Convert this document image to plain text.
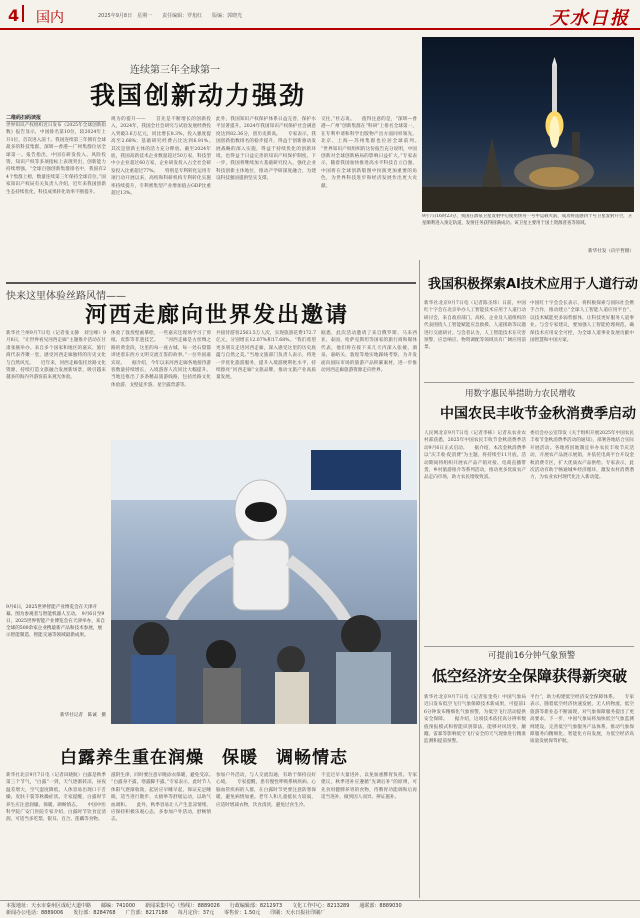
4 国内	2025年9月8日　星期一　　责任编辑：罗旭红　　版编：郭晓光	天水日报
连续第三年全球第一
我国创新动力强劲
二维码扫码读报
世界知识产权组织近日发布《2025年全球创新指数》报告显示，中国排名第10位，较2024年上升1位，首次进入前十。我国连续第三年拥有全球最多的科技集群，深圳—香港—广州集群位居全球第一。报告指出，中国在研发投入、风险投资、知识产权等多项指标上表现突出，创新能力持续增强。“全球百强创新集群排名中，我国有24个集群上榜，数量连续第三年保持全球首位。”国家知识产权局有关负责人介绍，近年来我国创新生态持续优化，科技成果转化效率不断提升。
规为的提升——　　首先是不断增长的创新投入，2024年，我国全社会研究与试验发展经费投入突破3.6万亿元，同比增长8.3%，投入强度提高至2.68%；基础研究经费占比达到6.91%。　　其次是创新主体的活力充分释放。截至2024年底，我国高新技术企业数量超过50万家，科技型中小企业超过60万家，企业研发投入占全社会研发投入比重超过77%。　　特别是专利转化运用专项行动开展以来，高校和科研机构专利转化实施率持续提升，专利密集型产业增加值占GDP比重超过13%。
此外，我国知识产权保护体系日益完善，保护水平显著提升。2024年我国知识产权保护社会满意度达到82.36分，创历史新高。　　专家表示，我国创新指数排名的稳步提升，得益于创新驱动发展战略的深入实施，得益于持续优化的创新环境，也得益于日益完善的知识产权保护制度。下一步，我国将继续加大基础研究投入，强化企业科技创新主体地位，推动产学研深度融合，为建设科技强国提供坚实支撑。
交往，”杜志说。　　值得注意的是，“深圳—香港—广州”创新集群在“科研”上排名全球第一，在专利申请和科学出版物产出方面同样领先。北京、上海—苏州集群也位居全球前列。　　“世界知识产权组织的这份报告充分说明，中国创新对全球创新格局的影响日益扩大。”专家表示，随着我国加快推进高水平科技自立自强，中国将在全球创新版图中扮演更加重要的角色，为世界科技进步和经济发展作出更大贡献。
9月7日16时23分，我国在酒泉卫星发射中心使用快舟一号甲运载火箭，成功将遥感四十号卫星发射升空，卫星顺利进入预定轨道，发射任务获得圆满成功。该卫星主要用于国土资源普查等领域。
新华社发（向宇哲摄）
快来这里体验丝路风情——
河西走廊向世界发出邀请
新华社兰州9月7日电（记者张文静　刘宝峰）9月6日，“让世界看见河西走廊”主题推介活动在甘肃张掖举办。来自多个国家和地区的嘉宾、旅行商代表齐聚一堂，感受河西走廊独特的历史文化与自然风光。　　近年来，河西走廊依托丝路文化资源，持续打造文旅融合发展新场景，吸引越来越多的海内外游客前来观光体验。
体验了敦煌壁画摹绘，一些嘉宾还现场学习了剪纸、皮影等非遗技艺。　　“河西走廊是古丝绸之路的黄金段，这里的每一座古城、每一处石窟都讲述着东西方文明交流互鉴的故事。”一位外国嘉宾说。　　据介绍，今年以来河西走廊各地接待游客数量持续增长，入境游客人次同比大幅提升。当地还推出了多条精品旅游线路，包括丝路文化体验游、戈壁徒步游、星空露营游等。
共接待游客2563.5万人次，实现旅游花费172.7亿元，分别增长12.07%和17.68%。“我们希望更多朋友走进河西走廊，深入感受这里的历史底蕴与自然之美。”当地文旅部门负责人表示，将进一步优化旅游服务，提升入境游便利化水平，持续擦亮“河西走廊”文旅品牌，推动文旅产业高质量发展。
据悉，此次活动邀请了来自俄罗斯、马来西亚、泰国、哈萨克斯坦等国家的旅行商和媒体代表，他们将在接下来几天内深入张掖、酒泉、嘉峪关、敦煌等地实地踩线考察，为开发面向国际市场的旅游产品积累素材，进一步推动河西走廊旅游资源走向世界。
9月6日，2025世界智能产业博览会在天津开幕。图为参观者与智能机器人互动。　9月6日至9日，2025世界智能产业博览会在天津举办，来自全球的500余家企业携最新产品和技术参展，展示智能制造、智能交通等领域最新成果。
新华社记者　陈诚　摄
白露养生重在润燥　保暖　调畅情志
新华社北京9月7日电（记者田晓航）白露是秋季第三个节气，“白露”一到，天气逐渐转凉，昼夜温差增大，空气湿度降低，人体容易出现口干舌燥、皮肤干裂等秋燥症状。专家提醒，白露时节养生应注意润燥、保暖、调畅情志。　　中国中医科学院广安门医院专家介绍，白露时节饮食宜清润，可适当多吃梨、银耳、百合、莲藕等食物。
滋阴生津，同时要注意早晚添衣保暖，避免受凉。　　“白露身不露，寒露脚不露。”专家表示，此时节人体阳气逐渐收敛，起居应早睡早起，保证充足睡眠，适当进行散步、太极拳等舒缓运动，以助气血调和。　　此外，秋季容易让人产生悲凉情绪，应保持积极乐观心态，多参加户外活动，舒畅情志。
参加户外活动，与人交流沟通，有助于保持良好心境。　　专家提醒，患有慢性呼吸系统疾病、心脑血管疾病的人群，在白露时节更要注意防寒保暖，避免病情加重。老年人和儿童抵抗力较弱，应适时增减衣物，饮食清淡，避免过食生冷。
不宜过早大量进补，以免加重脾胃负担。专家建议，秋季进补应遵循“先调后补”的原则，可先食用健脾养胃的食物，待脾胃功能调和后再适当进补，做到因人而异、辨证施补。
我国积极探索AI技术应用于人道行动
新华社北京9月7日电（记者陈圣炜）日前，中国红十字会在北京举办人工智能技术应用于人道行动研讨会，来自政府部门、高校、企业及人道组织的代表围绕人工智能赋能应急救援、人道援助等议题进行交流研讨。与会者认为，人工智能技术在灾害预警、应急响应、物资调配等领域具有广阔应用前景。
中国红十字会会长表示，将积极探索与国际社会携手合作，推动建立“全球人工智能人道应用平台”，以技术赋能更多弱势群体，让科技更好服务人道事业。与会专家建议，要加强人工智能伦理规范，确保技术应用安全可控，为全球人道事业发展贡献中国智慧和中国方案。
用数字惠民举措助力农民增收
中国农民丰收节金秋消费季启动
人民网北京9月7日电（记者李栋）记者从农业农村部获悉，2025年中国农民丰收节金秋消费季活动9月6日正式启动。　　据介绍，本次金秋消费季以“庆丰收·促消费”为主题，将持续至11月底，活动期间将组织开展农产品产销对接、电商直播带货、乡村旅游推介等系列活动，推动更多优质农产品走向市场，助力农民增收致富。
委员会办公室印发《关于组织开展2025年中国农民丰收节金秋消费季活动的通知》，部署各地结合实际开展活动。各地将因地制宜举办农民丰收节庆活动，开展农产品展示展销，并依托电商平台开设金秋消费专区，扩大优质农产品供给。专家表示，此次活动有助于畅通城乡经济循环，激发农村消费潜力，为农业农村现代化注入新动能。
可提前16分钟气象预警
低空经济安全保障获得新突破
新华社北京9月7日电（记者张金英）中国气象局近日发布低空飞行气象保障技术新成果，可提前16分钟发布精细化气象预警，为低空飞行活动提供安全保障。　　据介绍，这项技术依托高分辨率数值预报模式和智能识别算法，能够对风切变、颠簸、雷暴等影响低空飞行安全的天气现象进行精准监测和提前预警。
平台”，助力构建低空经济安全保障体系。　　专家表示，随着低空经济快速发展，无人机物流、低空旅游等新业态不断涌现，对气象保障服务提出了更高要求。下一步，中国气象局将加快低空气象监测网建设，完善低空气象服务产品体系，推动气象保障服务向精细化、智能化方向发展，为低空经济高质量发展保驾护航。
本报地址：天水市秦州区成纪大道中路　　邮编：741000　　新闻采集中心（热线）：8889026　　行政编辑部：8212973　　文化工作中心：8213289　　通联部：8889030
新闻办公电话：8889006　　发行部：8284768　　广告部：8217188　　每月定价：37元　　零售价：1.50元　　印刷：天水日报社印刷厂
